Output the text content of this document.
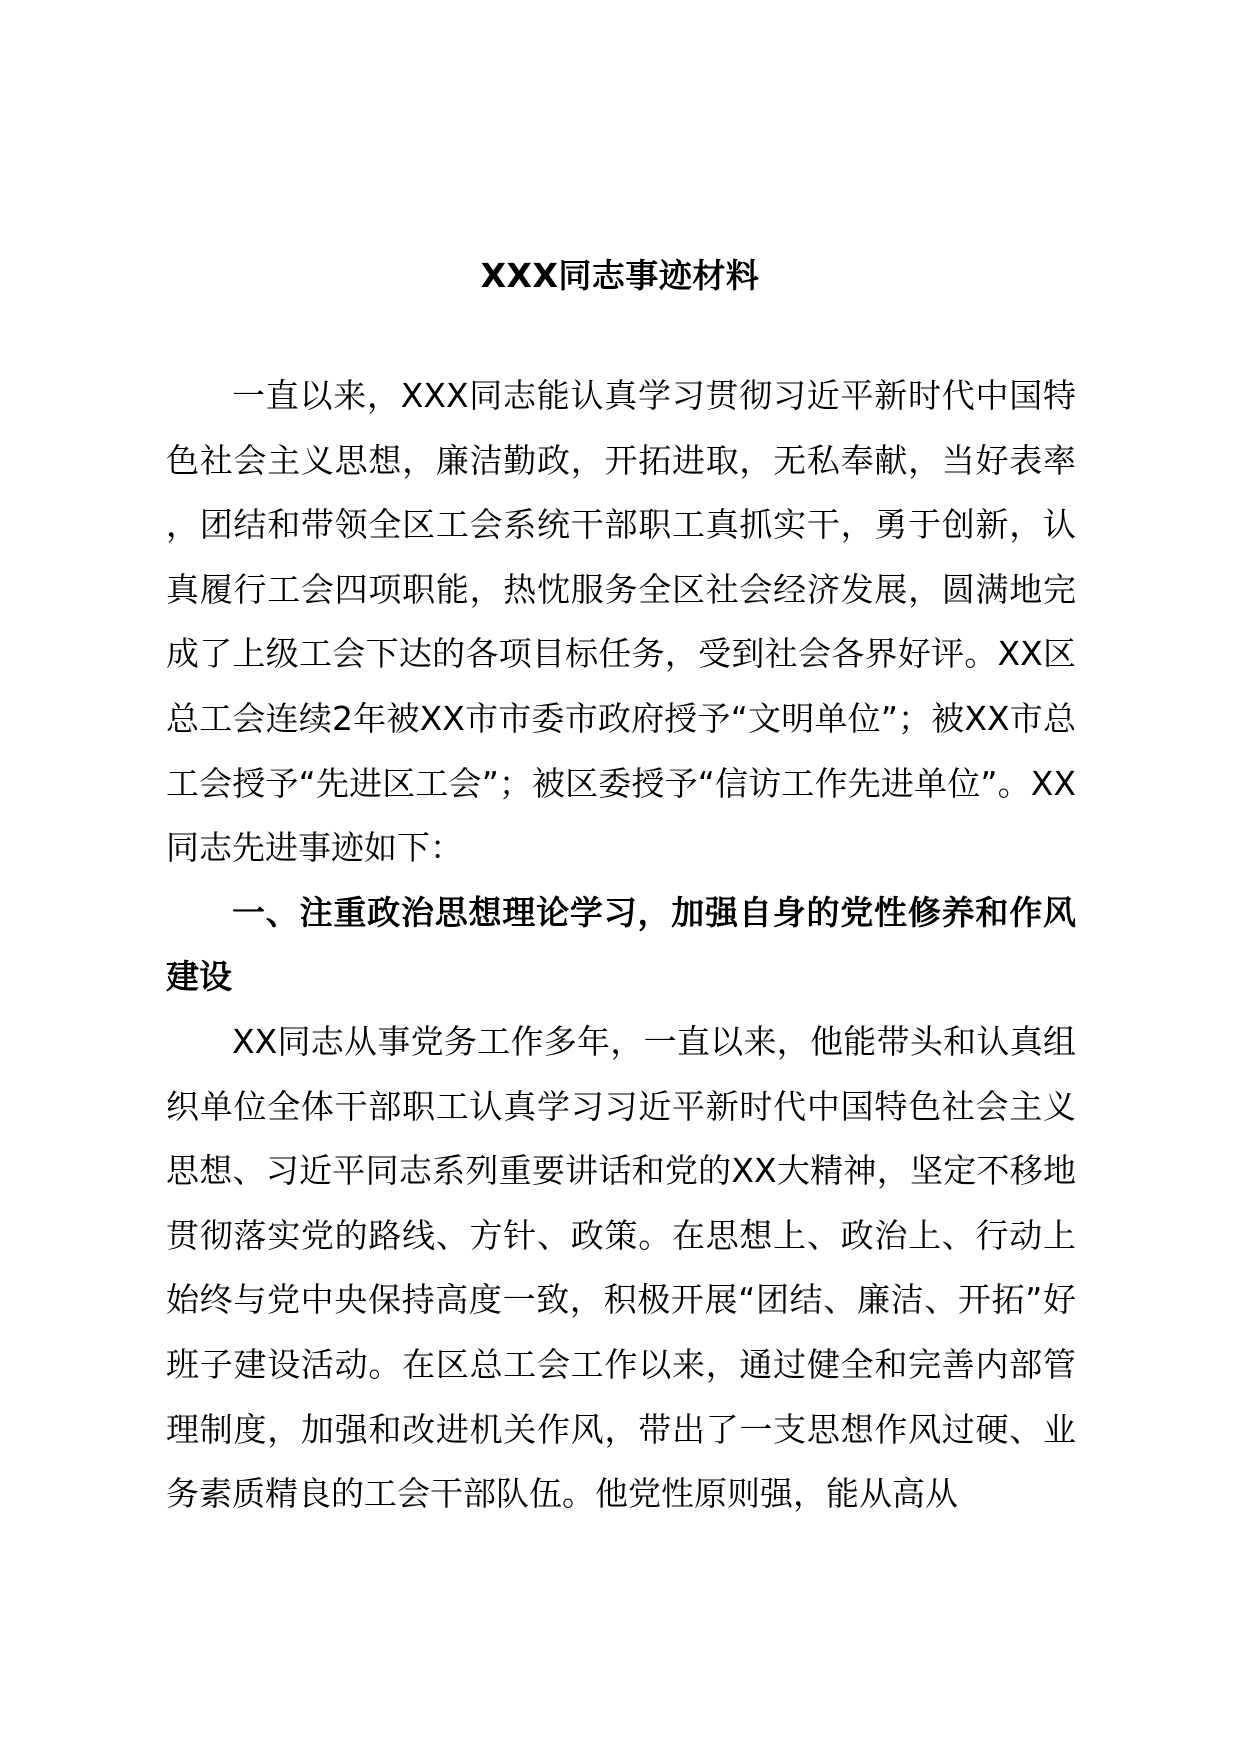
XXX同志事迹材料

一直以来，XXX同志能认真学习贯彻习近平新时代中国特色社会主义思想，廉洁勤政，开拓进取，无私奉献，当好表率，团结和带领全区工会系统干部职工真抓实干，勇于创新，认真履行工会四项职能，热忱服务全区社会经济发展，圆满地完成了上级工会下达的各项目标任务，受到社会各界好评。XX区总工会连续2年被XX市市委市政府授予“文明单位”；被XX市总工会授予“先进区工会”；被区委授予“信访工作先进单位”。XX同志先进事迹如下：

一、注重政治思想理论学习，加强自身的党性修养和作风建设

XX同志从事党务工作多年，一直以来，他能带头和认真组织单位全体干部职工认真学习习近平新时代中国特色社会主义思想、习近平同志系列重要讲话和党的XX大精神，坚定不移地贯彻落实党的路线、方针、政策。在思想上、政治上、行动上始终与党中央保持高度一致，积极开展“团结、廉洁、开拓”好班子建设活动。在区总工会工作以来，通过健全和完善内部管理制度，加强和改进机关作风，带出了一支思想作风过硬、业务素质精良的工会干部队伍。他党性原则强，能从高从
